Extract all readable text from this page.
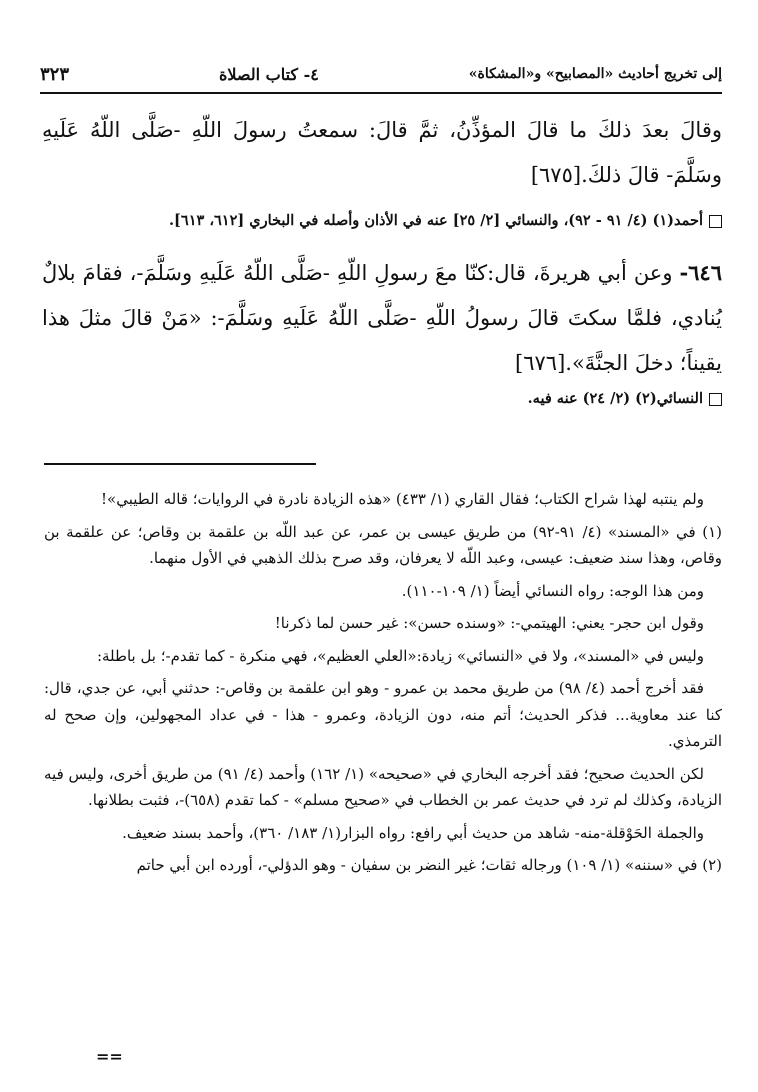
إلى تخريج أحاديث «المصابيح» و«المشكاة»
٤- كتاب الصلاة
٣٢٣

وقالَ بعدَ ذلكَ ما قالَ المؤذِّنُ، ثمَّ قالَ: سمعتُ رسولَ اللّهِ -صَلَّى اللّهُ عَلَيهِ وسَلَّمَ- قالَ ذلكَ.[٦٧٥]

أحمد(١) (٤/ ٩١ - ٩٢)، والنسائي [٢/ ٢٥] عنه في الأذان وأصله في البخاري [٦١٢، ٦١٣].

٦٤٦- وعن أبي هريرةَ، قال:كنّا معَ رسولِ اللّهِ -صَلَّى اللّهُ عَلَيهِ وسَلَّمَ-، فقامَ بلالٌ يُنادي، فلمَّا سكتَ قالَ رسولُ اللّهِ -صَلَّى اللّهُ عَلَيهِ وسَلَّمَ-: «مَنْ قالَ مثلَ هذا يقيناً؛ دخلَ الجنَّةَ».[٦٧٦]

النسائي(٢) (٢/ ٢٤) عنه فيه.

ولم ينتبه لهذا شراح الكتاب؛ فقال القاري (١/ ٤٣٣) «هذه الزيادة نادرة في الروايات؛ قاله الطيبي»!

(١) في «المسند» (٤/ ٩١-٩٢) من طريق عيسى بن عمر، عن عبد اللّه بن علقمة بن وقاص؛ عن علقمة بن وقاص، وهذا سند ضعيف: عيسى، وعبد اللّه لا يعرفان، وقد صرح بذلك الذهبي في الأول منهما.

ومن هذا الوجه: رواه النسائي أيضاً (١/ ١٠٩-١١٠).

وقول ابن حجر- يعني: الهيتمي-: «وسنده حسن»: غير حسن لما ذكرنا!

وليس في «المسند»، ولا في «النسائي» زيادة:«العلي العظيم»، فهي منكرة - كما تقدم-؛ بل باطلة:

فقد أخرج أحمد (٤/ ٩٨) من طريق محمد بن عمرو - وهو ابن علقمة بن وقاص-: حدثني أبي، عن جدي، قال: كنا عند معاوية... فذكر الحديث؛ أتم منه، دون الزيادة، وعمرو - هذا - في عداد المجهولين، وإن صحح له الترمذي.

لكن الحديث صحيح؛ فقد أخرجه البخاري في «صحيحه» (١/ ١٦٢) وأحمد (٤/ ٩١) من طريق أخرى، وليس فيه الزيادة، وكذلك لم ترد في حديث عمر بن الخطاب في «صحيح مسلم» - كما تقدم (٦٥٨)-، فثبت بطلانها.

والجملة الحَوْقلة-منه- شاهد من حديث أبي رافع: رواه البزار(١/ ١٨٣/ ٣٦٠)، وأحمد بسند ضعيف.

(٢) في «سننه» (١/ ١٠٩) ورجاله ثقات؛ غير النضر بن سفيان - وهو الدؤلي-، أورده ابن أبي حاتم

==
